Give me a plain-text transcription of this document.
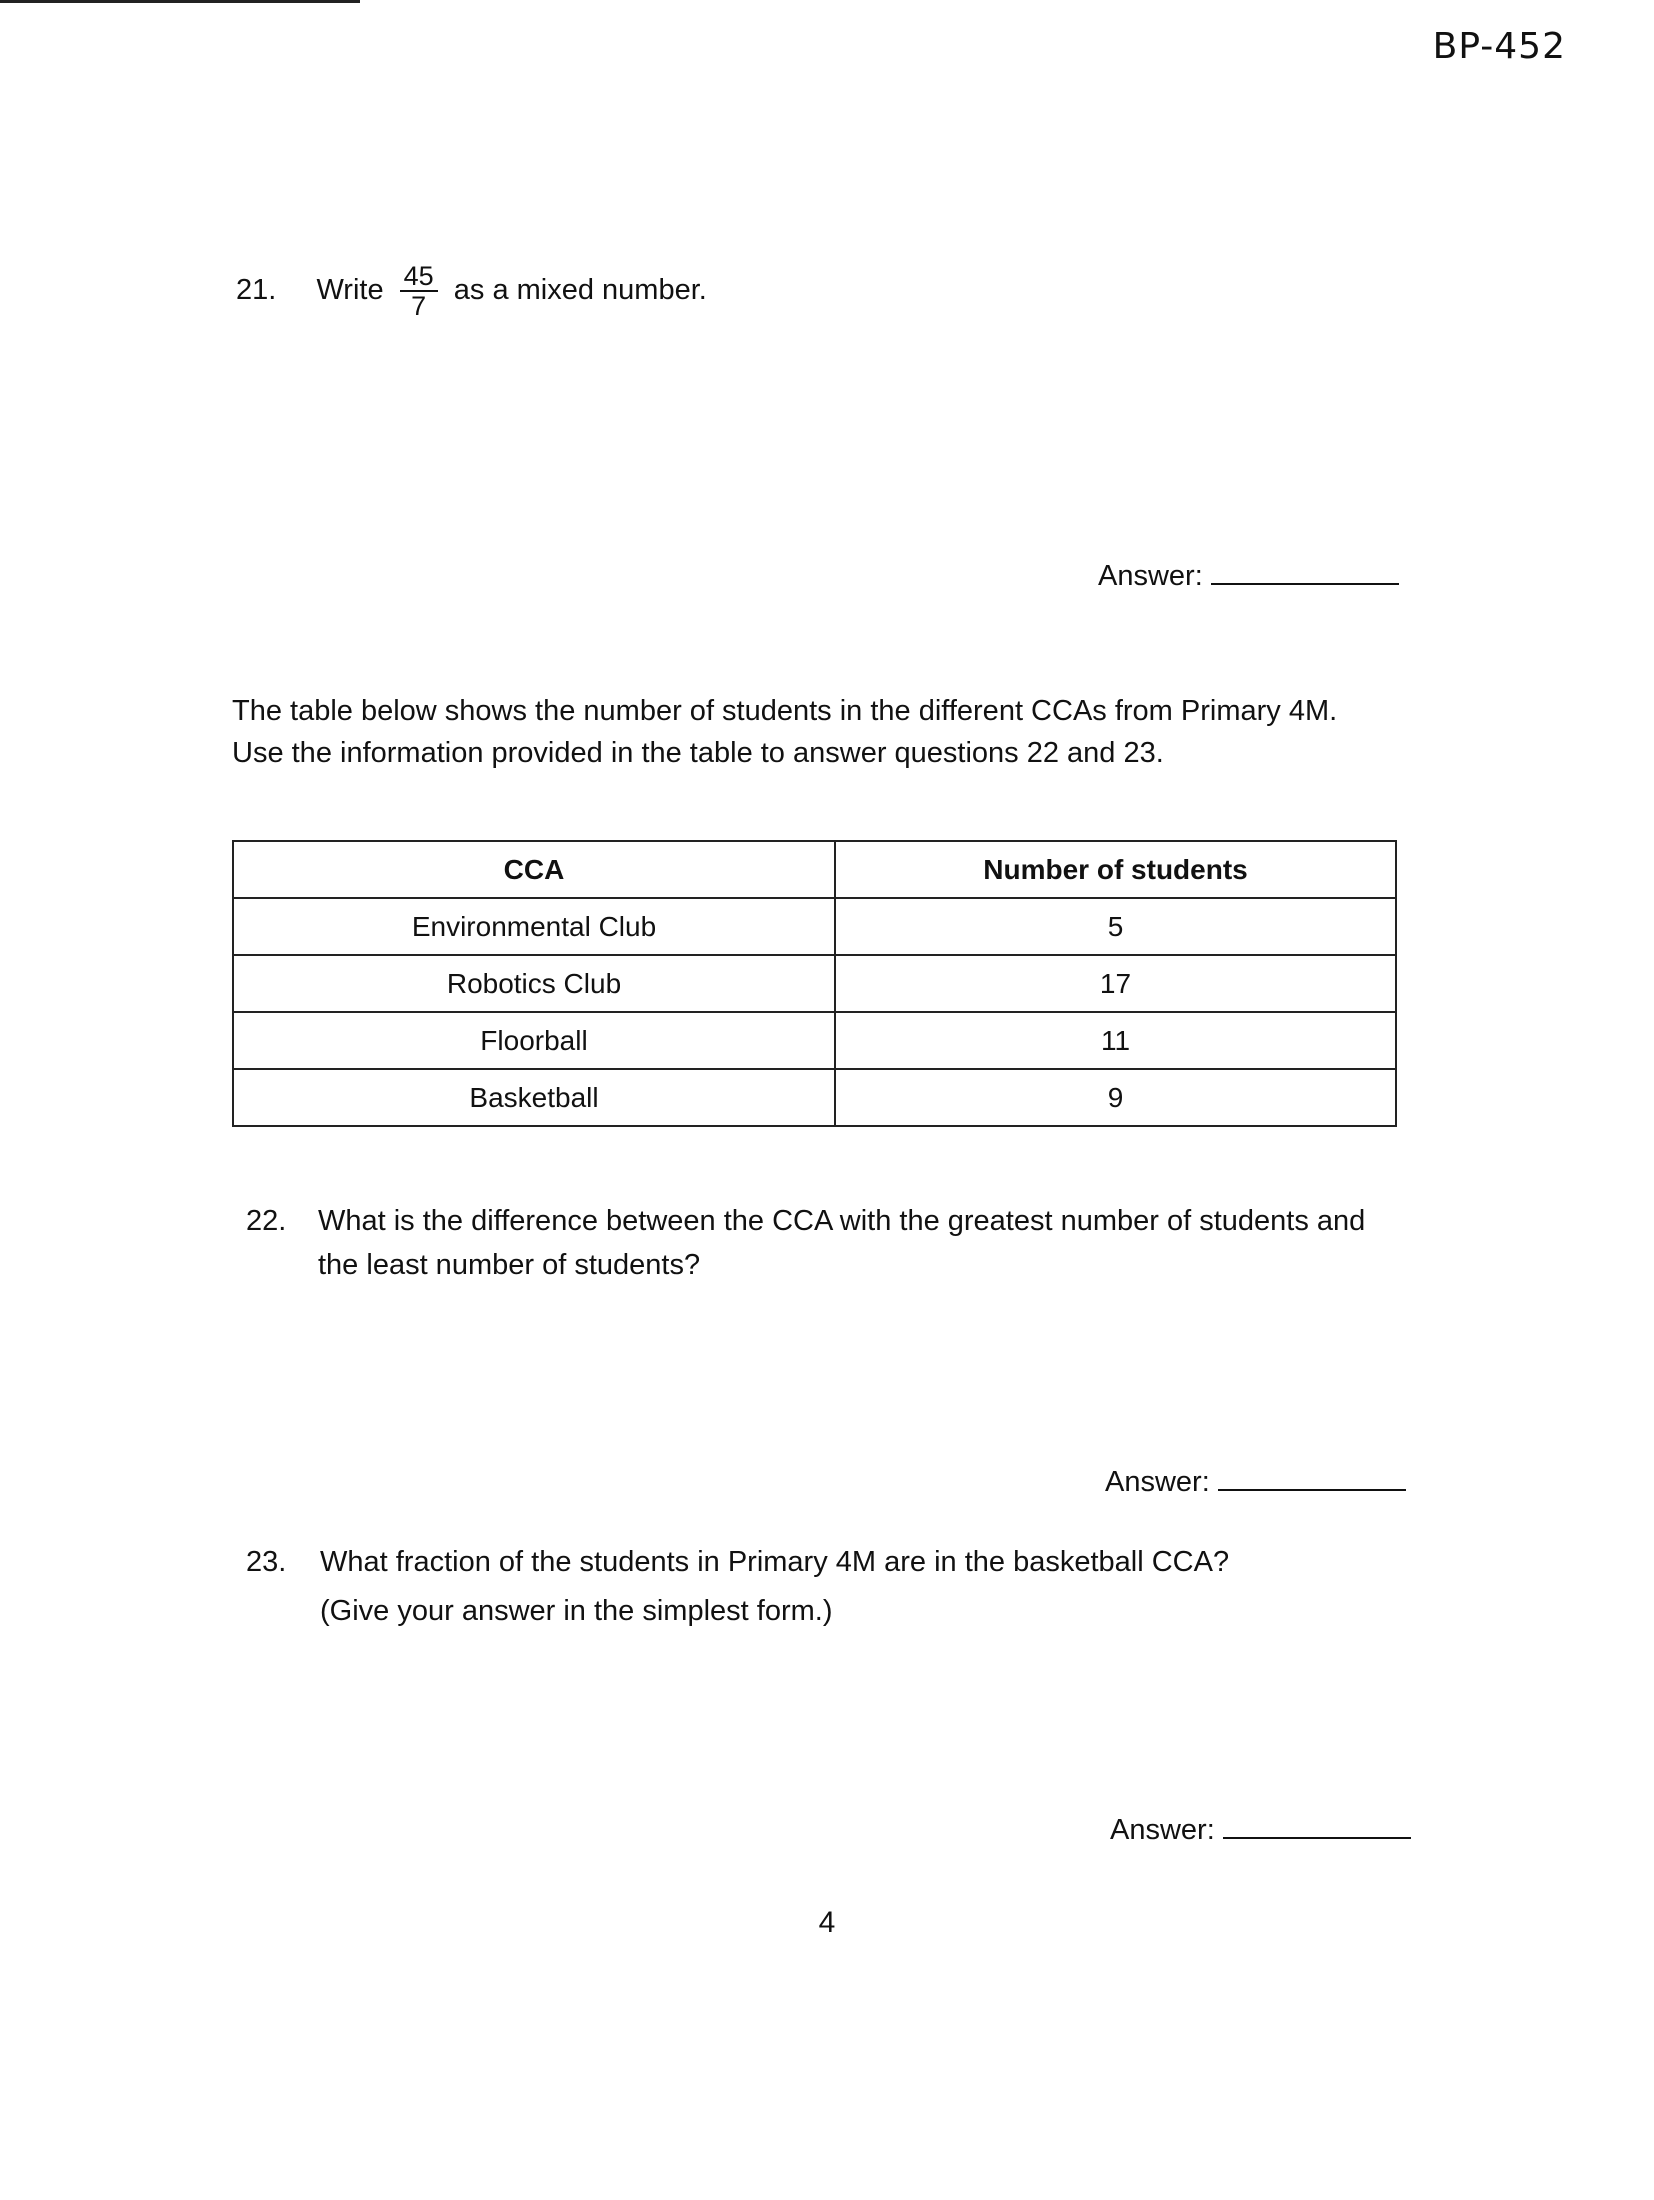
BP-452
21. Write $\frac{45}{7}$ as a mixed number.
Answer:
The table below shows the number of students in the different CCAs from Primary 4M.
Use the information provided in the table to answer questions 22 and 23.
CCA	Number of students
Environmental Club	5
Robotics Club	17
Floorball	11
Basketball	9
22. What is the difference between the CCA with the greatest number of students and
the least number of students?
Answer:
23. What fraction of the students in Primary 4M are in the basketball CCA?
(Give your answer in the simplest form.)
Answer:
4
